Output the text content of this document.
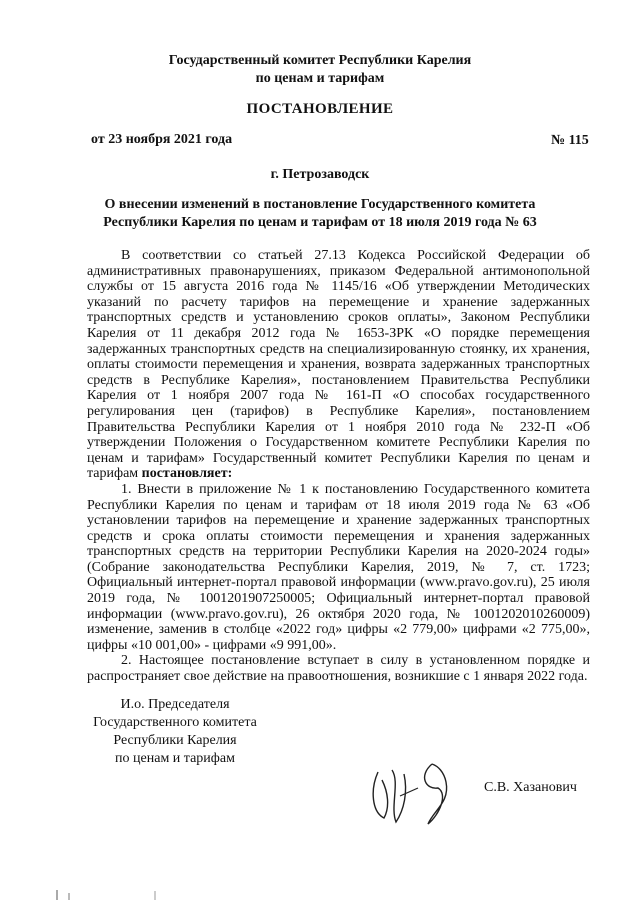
Государственный комитет Республики Карелия
по ценам и тарифам
ПОСТАНОВЛЕНИЕ
от 23 ноября 2021 года	№ 115
г. Петрозаводск
О внесении изменений в постановление Государственного комитета
Республики Карелия по ценам и тарифам от 18 июля 2019 года № 63

В соответствии со статьей 27.13 Кодекса Российской Федерации об административных правонарушениях, приказом Федеральной антимонопольной службы от 15 августа 2016 года № 1145/16 «Об утверждении Методических указаний по расчету тарифов на перемещение и хранение задержанных транспортных средств и установлению сроков оплаты», Законом Республики Карелия от 11 декабря 2012 года № 1653-ЗРК «О порядке перемещения задержанных транспортных средств на специализированную стоянку, их хранения, оплаты стоимости перемещения и хранения, возврата задержанных транспортных средств в Республике Карелия», постановлением Правительства Республики Карелия от 1 ноября 2007 года № 161-П «О способах государственного регулирования цен (тарифов) в Республике Карелия», постановлением Правительства Республики Карелия от 1 ноября 2010 года № 232-П «Об утверждении Положения о Государственном комитете Республики Карелия по ценам и тарифам» Государственный комитет Республики Карелия по ценам и тарифам постановляет:

1. Внести в приложение № 1 к постановлению Государственного комитета Республики Карелия по ценам и тарифам от 18 июля 2019 года № 63 «Об установлении тарифов на перемещение и хранение задержанных транспортных средств и срока оплаты стоимости перемещения и хранения задержанных транспортных средств на территории Республики Карелия на 2020-2024 годы» (Собрание законодательства Республики Карелия, 2019, № 7, ст. 1723; Официальный интернет-портал правовой информации (www.pravo.gov.ru), 25 июля 2019 года, № 1001201907250005; Официальный интернет-портал правовой информации (www.pravo.gov.ru), 26 октября 2020 года, № 1001202010260009) изменение, заменив в столбце «2022 год» цифры «2 779,00» цифрами «2 775,00», цифры «10 001,00» - цифрами «9 991,00».

2. Настоящее постановление вступает в силу в установленном порядке и распространяет свое действие на правоотношения, возникшие с 1 января 2022 года.

И.о. Председателя
Государственного комитета
Республики Карелия
по ценам и тарифам
С.В. Хазанович
